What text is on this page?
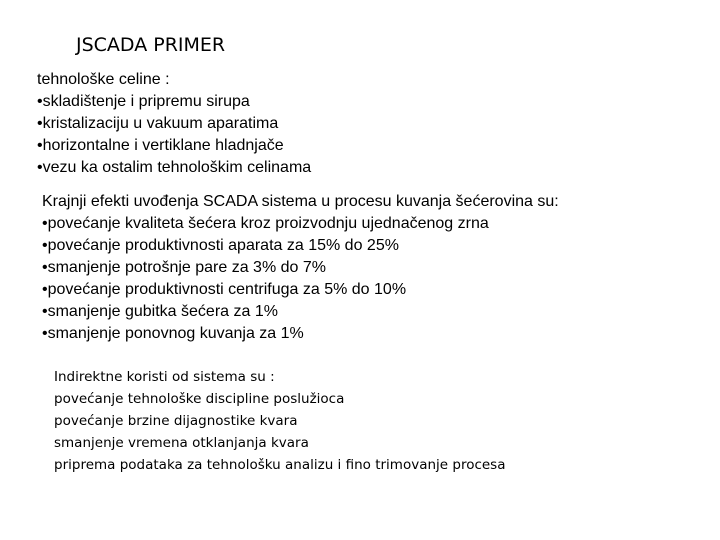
JSCADA PRIMER
tehnološke celine :
•skladištenje i pripremu sirupa
•kristalizaciju u vakuum aparatima
•horizontalne i vertiklane hladnjače
•vezu ka ostalim tehnološkim celinama
Krajnji efekti uvođenja SCADA sistema u procesu kuvanja šećerovina su:
•povećanje kvaliteta šećera kroz proizvodnju ujednačenog zrna
•povećanje produktivnosti aparata za 15% do 25%
•smanjenje potrošnje pare za 3% do 7%
•povećanje produktivnosti centrifuga za 5% do 10%
•smanjenje gubitka šećera za 1%
•smanjenje ponovnog kuvanja za 1%
Indirektne koristi od sistema su :
povećanje tehnološke discipline poslužioca
povećanje brzine dijagnostike kvara
smanjenje vremena otklanjanja kvara
priprema podataka za tehnološku analizu i fino trimovanje procesa
